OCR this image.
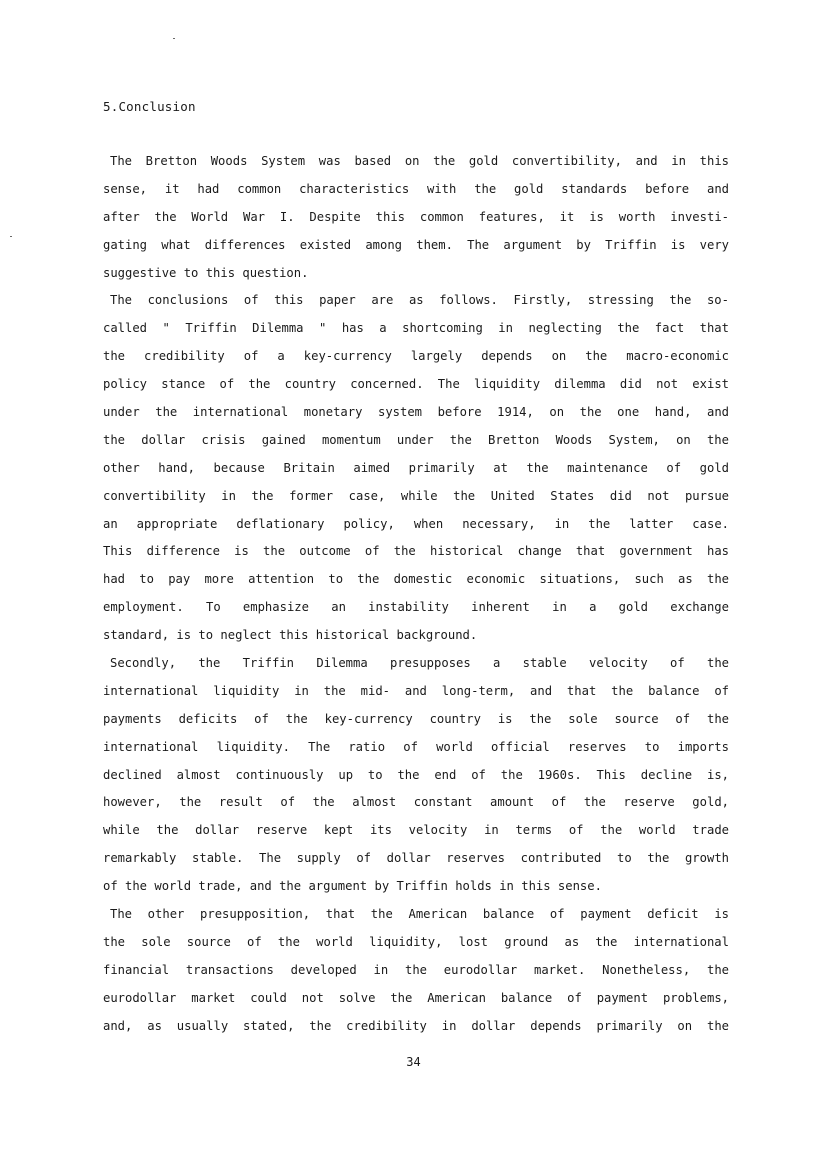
5.Conclusion
The Bretton Woods System was based on the gold convertibility, and in this
sense, it had common characteristics with the gold standards before and
after the World War I. Despite this common features, it is worth investi-
gating what differences existed among them. The argument by Triffin is very
suggestive to this question.
The conclusions of this paper are as follows. Firstly, stressing the so-
called " Triffin Dilemma " has a shortcoming in neglecting the fact that
the credibility of a key-currency largely depends on the macro-economic
policy stance of the country concerned. The liquidity dilemma did not exist
under the international monetary system before 1914, on the one hand, and
the dollar crisis gained momentum under the Bretton Woods System, on the
other hand, because Britain aimed primarily at the maintenance of gold
convertibility in the former case, while the United States did not pursue
an appropriate deflationary policy, when necessary, in the latter case.
This difference is the outcome of the historical change that government has
had to pay more attention to the domestic economic situations, such as the
employment. To emphasize an instability inherent in a gold exchange
standard, is to neglect this historical background.
Secondly, the Triffin Dilemma presupposes a stable velocity of the
international liquidity in the mid- and long-term, and that the balance of
payments deficits of the key-currency country is the sole source of the
international liquidity. The ratio of world official reserves to imports
declined almost continuously up to the end of the 1960s. This decline is,
however, the result of the almost constant amount of the reserve gold,
while the dollar reserve kept its velocity in terms of the world trade
remarkably stable. The supply of dollar reserves contributed to the growth
of the world trade, and the argument by Triffin holds in this sense.
The other presupposition, that the American balance of payment deficit is
the sole source of the world liquidity, lost ground as the international
financial transactions developed in the eurodollar market. Nonetheless, the
eurodollar market could not solve the American balance of payment problems,
and, as usually stated, the credibility in dollar depends primarily on the
34
